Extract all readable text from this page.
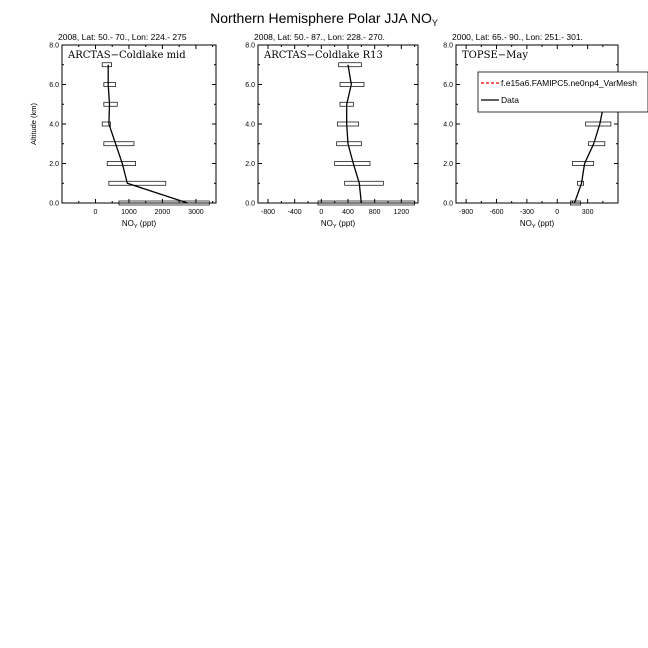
Northern Hemisphere Polar JJA $NO_Y$
2008, Lat: 50.- 70., Lon: 224.- 275
0.0
2.0
4.0
6.0
8.0
0	1000	2000	3000
$NO_Y$ (ppt)
Altitude (km)
ARCTAS−Coldlake mid
2008, Lat: 50.- 87., Lon: 228.- 270.
0.0
2.0
4.0
6.0
8.0
-800 -400	0	400 800 1200
$NO_Y$ (ppt)
ARCTAS−Coldlake R13
2000, Lat: 65.- 90., Lon: 251.- 301.
0.0
2.0
4.0
6.0
8.0
-900 -600 -300	0	300
$NO_Y$ (ppt)
TOPSE−May
f.e15a6.FAMIPC5.ne0np4_VarMesh
Data
